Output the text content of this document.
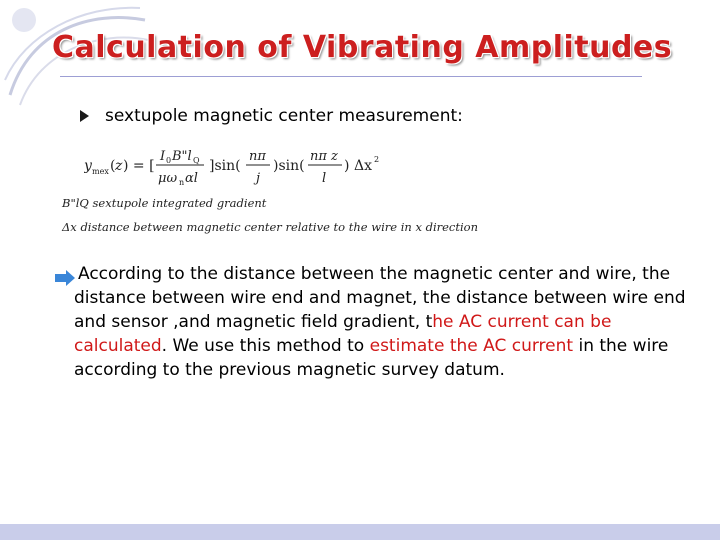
Calculation of Vibrating Amplitudes
sextupole magnetic center measurement:
y mex ( z ) = [
I 0 B"l Q
μω n αl
]sin(
nπ
j
)sin(
nπ z
l
) Δx 2
B"lQ sextupole integrated gradient
Δx distance between magnetic center relative to the wire in x direction

According to the distance between the magnetic center and wire, the distance between wire end and magnet, the distance between wire end and sensor ,and magnetic field gradient, the AC current can be calculated. We use this method to estimate the AC current in the wire according to the previous magnetic survey datum.
